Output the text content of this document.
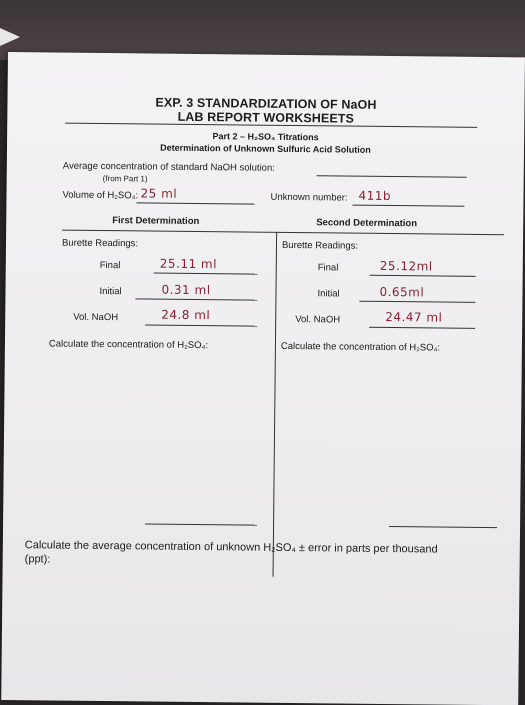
EXP. 3 STANDARDIZATION OF NaOH
LAB REPORT WORKSHEETS
Part 2 – H₂SO₄ Titrations
Determination of Unknown Sulfuric Acid Solution
Average concentration of standard NaOH solution:
(from Part 1)
Volume of H₂SO₄: 25 ml	Unknown number: 411b
First Determination	Second Determination
Burette Readings:
Final	25.11 ml
Initial	0.31 ml
Vol. NaOH	24.8 ml
Calculate the concentration of H₂SO₄:
Burette Readings:
Final	25.12ml
Initial	0.65ml
Vol. NaOH	24.47 ml
Calculate the concentration of H₂SO₄:
Calculate the average concentration of unknown H₂SO₄ ± error in parts per thousand
(ppt):
